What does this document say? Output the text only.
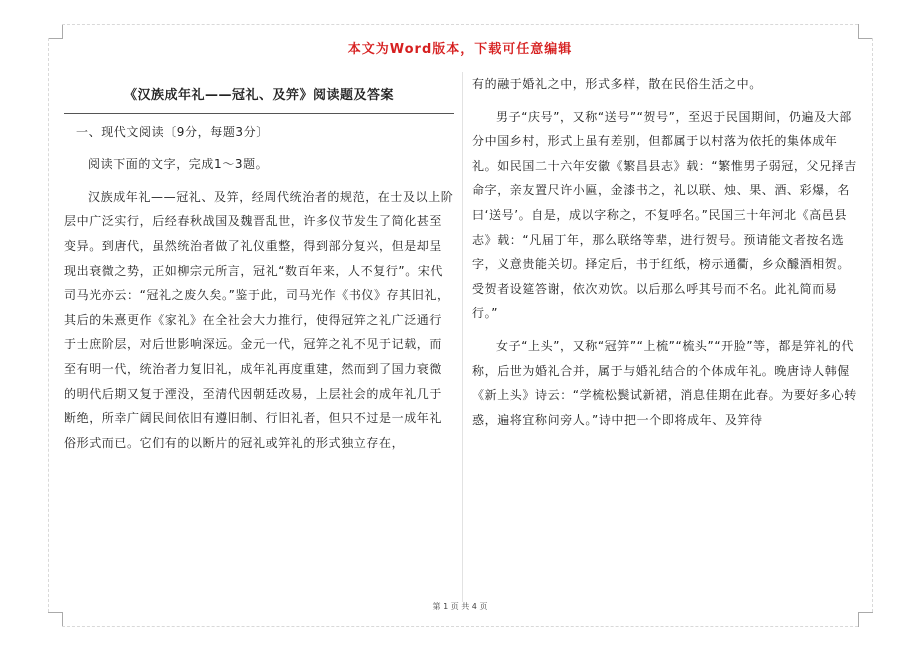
本文为Word版本，下载可任意编辑
《汉族成年礼——冠礼、及笄》阅读题及答案

一、现代文阅读〔9分，每题3分〕

阅读下面的文字，完成1～3题。

汉族成年礼——冠礼、及笄，经周代统治者的规范，在士及以上阶层中广泛实行，后经春秋战国及魏晋乱世，许多仪节发生了简化甚至变异。到唐代，虽然统治者做了礼仪重整，得到部分复兴，但是却呈现出衰微之势，正如柳宗元所言，冠礼“数百年来，人不复行”。宋代司马光亦云：“冠礼之废久矣。”鉴于此，司马光作《书仪》存其旧礼，其后的朱熹更作《家礼》在全社会大力推行，使得冠笄之礼广泛通行于士庶阶层，对后世影响深远。金元一代，冠笄之礼不见于记载，而至有明一代，统治者力复旧礼，成年礼再度重建，然而到了国力衰微的明代后期又复于湮没，至清代因朝廷改易，上层社会的成年礼几于断绝，所幸广阔民间依旧有遵旧制、行旧礼者，但只不过是一成年礼俗形式而已。它们有的以断片的冠礼或笄礼的形式独立存在，

有的融于婚礼之中，形式多样，散在民俗生活之中。

男子“庆号”，又称“送号”“贺号”，至迟于民国期间，仍遍及大部分中国乡村，形式上虽有差别，但都属于以村落为依托的集体成年礼。如民国二十六年安徽《繁昌县志》载：“繁惟男子弱冠，父兄择吉命字，亲友置尺许小匾，金漆书之，礼以联、烛、果、酒、彩爆，名曰‘送号’。自是，成以字称之，不复呼名。”民国三十年河北《高邑县志》载：“凡届丁年，那么联络等辈，进行贺号。预请能文者按名选字，义意贵能关切。择定后，书于红纸，榜示通衢，乡众醵酒相贺。受贺者设筵答谢，依次劝饮。以后那么呼其号而不名。此礼简而易行。”

女子“上头”，又称“冠笄”“上梳”“梳头”“开脸”等，都是笄礼的代称，后世为婚礼合并，属于与婚礼结合的个体成年礼。晚唐诗人韩偓《新上头》诗云：“学梳松鬓试新裙，消息佳期在此春。为要好多心转惑，遍将宜称问旁人。”诗中把一个即将成年、及笄待

第 1 页 共 4 页
